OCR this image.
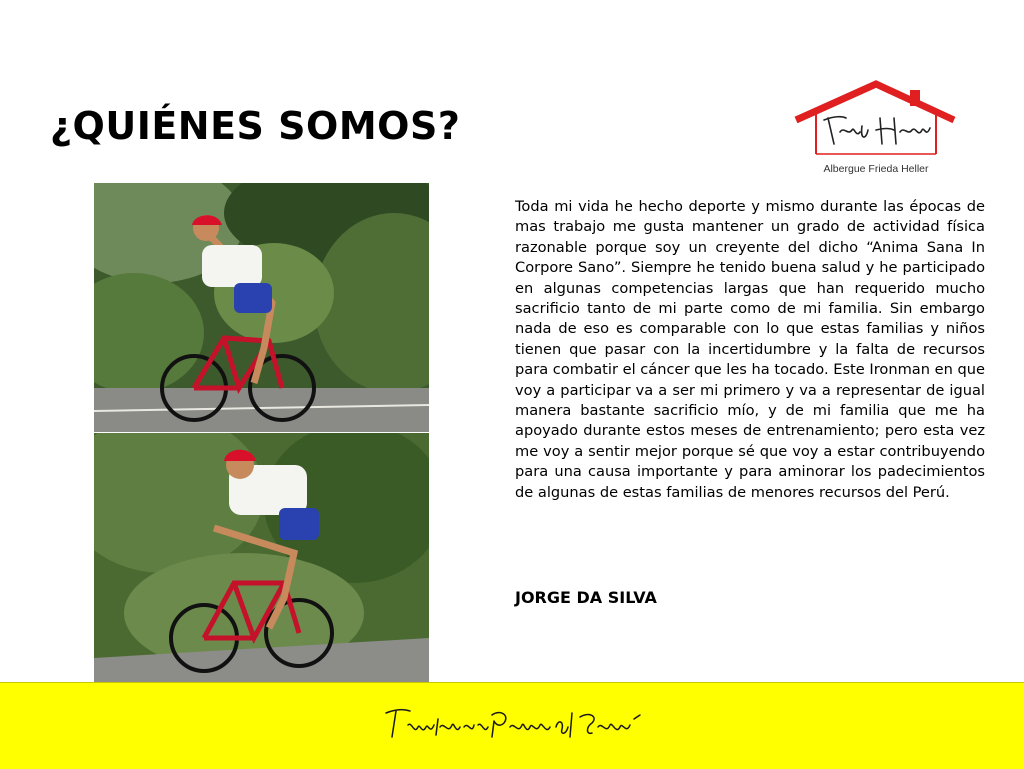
¿QUIÉNES SOMOS?
Albergue Frieda Heller

Toda mi vida he hecho deporte y mismo durante las épocas de mas trabajo me gusta mantener un grado de actividad física razonable porque soy un creyente del dicho “Anima Sana In Corpore Sano”. Siempre he tenido buena salud y he participado en algunas competencias largas que han requerido mucho sacrificio tanto de mi parte como de mi familia. Sin embargo nada de eso es comparable con lo que estas familias y niños tienen que pasar con la incertidumbre y la falta de recursos para combatir el cáncer que les ha tocado. Este Ironman en que voy a participar va a ser mi primero y va a representar de igual manera bastante sacrificio mío, y de mi familia que me ha apoyado durante estos meses de entrenamiento; pero esta vez me voy a sentir mejor porque sé que voy a estar contribuyendo para una causa importante y para aminorar los padecimientos de algunas de estas familias de menores recursos del Perú.

JORGE DA SILVA
